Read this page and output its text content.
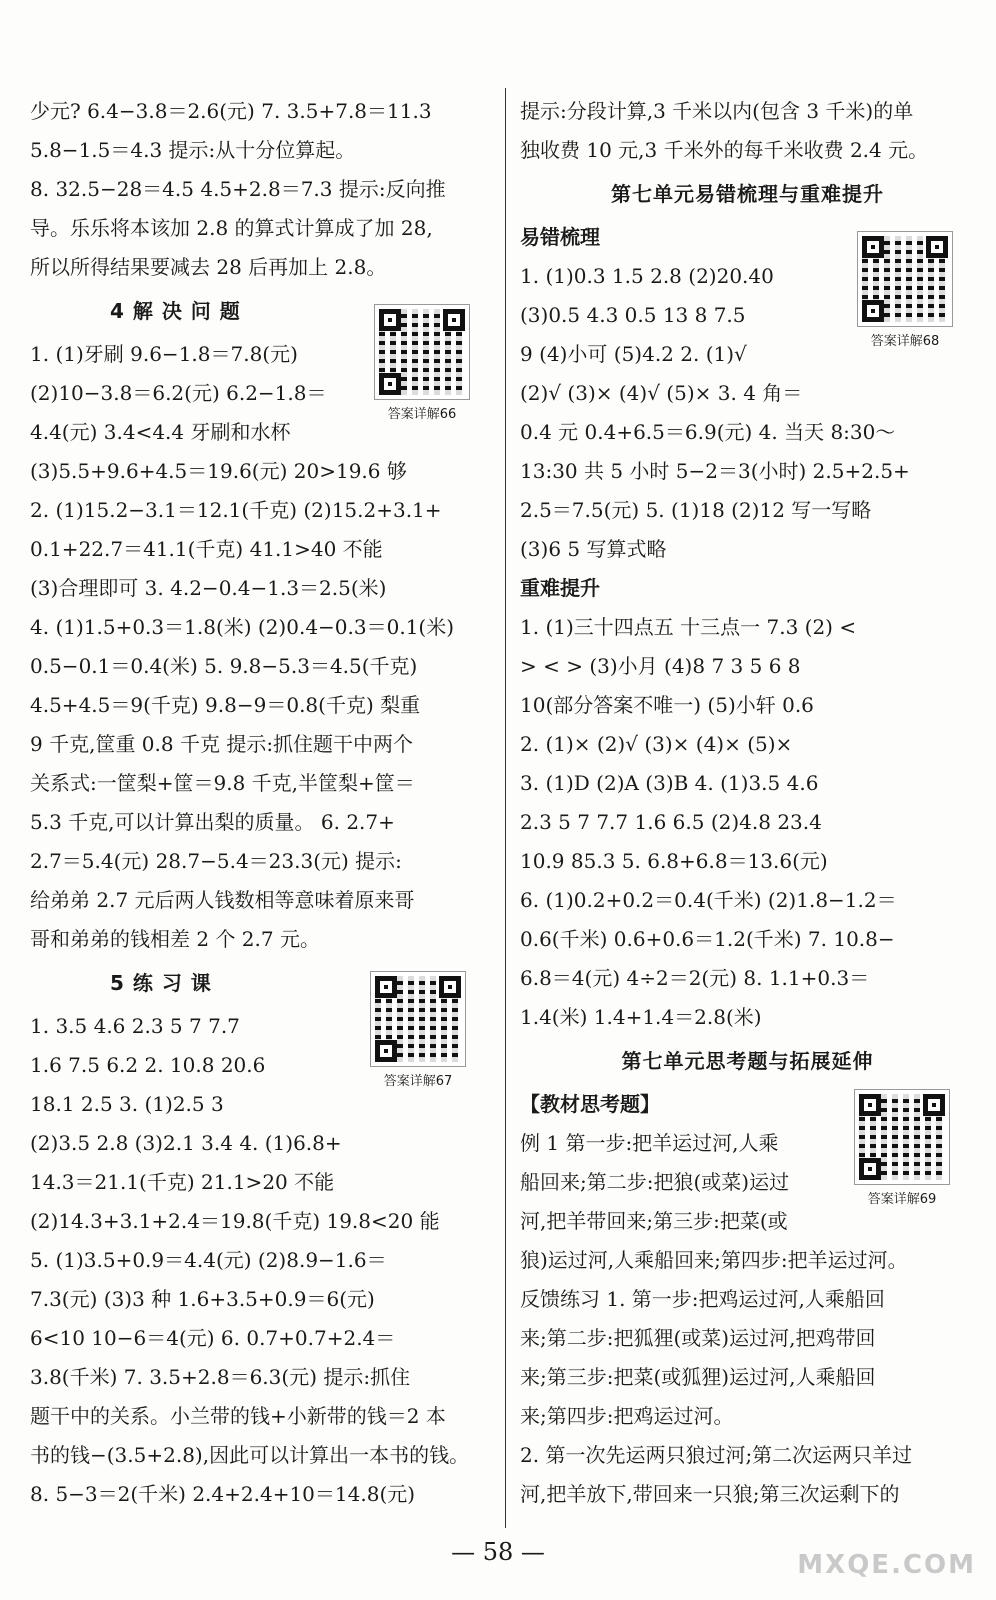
少元? 6.4−3.8＝2.6(元) 7. 3.5+7.8＝11.3
5.8−1.5＝4.3 提示:从十分位算起。
8. 32.5−28＝4.5 4.5+2.8＝7.3 提示:反向推
导。乐乐将本该加 2.8 的算式计算成了加 28,
所以所得结果要减去 28 后再加上 2.8。
4 解 决 问 题
1. (1)牙刷 9.6−1.8＝7.8(元)
(2)10−3.8＝6.2(元) 6.2−1.8＝
4.4(元) 3.4<4.4 牙刷和水杯
(3)5.5+9.6+4.5＝19.6(元) 20>19.6 够
2. (1)15.2−3.1＝12.1(千克) (2)15.2+3.1+
0.1+22.7＝41.1(千克) 41.1>40 不能
(3)合理即可 3. 4.2−0.4−1.3＝2.5(米)
4. (1)1.5+0.3＝1.8(米) (2)0.4−0.3＝0.1(米)
0.5−0.1＝0.4(米) 5. 9.8−5.3＝4.5(千克)
4.5+4.5＝9(千克) 9.8−9＝0.8(千克) 梨重
9 千克,筐重 0.8 千克 提示:抓住题干中两个
关系式:一筐梨+筐＝9.8 千克,半筐梨+筐＝
5.3 千克,可以计算出梨的质量。 6. 2.7+
2.7＝5.4(元) 28.7−5.4＝23.3(元) 提示:
给弟弟 2.7 元后两人钱数相等意味着原来哥
哥和弟弟的钱相差 2 个 2.7 元。
5 练 习 课
1. 3.5 4.6 2.3 5 7 7.7
1.6 7.5 6.2 2. 10.8 20.6
18.1 2.5 3. (1)2.5 3
(2)3.5 2.8 (3)2.1 3.4 4. (1)6.8+
14.3＝21.1(千克) 21.1>20 不能
(2)14.3+3.1+2.4＝19.8(千克) 19.8<20 能
5. (1)3.5+0.9＝4.4(元) (2)8.9−1.6＝
7.3(元) (3)3 种 1.6+3.5+0.9＝6(元)
6<10 10−6＝4(元) 6. 0.7+0.7+2.4＝
3.8(千米) 7. 3.5+2.8＝6.3(元) 提示:抓住
题干中的关系。小兰带的钱+小新带的钱＝2 本
书的钱−(3.5+2.8),因此可以计算出一本书的钱。
8. 5−3＝2(千米) 2.4+2.4+10＝14.8(元)
答案详解66
答案详解67
提示:分段计算,3 千米以内(包含 3 千米)的单
独收费 10 元,3 千米外的每千米收费 2.4 元。
第七单元易错梳理与重难提升
易错梳理
1. (1)0.3 1.5 2.8 (2)20.40
(3)0.5 4.3 0.5 13 8 7.5
9 (4)小可 (5)4.2 2. (1)√
(2)√ (3)× (4)√ (5)× 3. 4 角＝
0.4 元 0.4+6.5＝6.9(元) 4. 当天 8:30～
13:30 共 5 小时 5−2＝3(小时) 2.5+2.5+
2.5＝7.5(元) 5. (1)18 (2)12 写一写略
(3)6 5 写算式略
重难提升
1. (1)三十四点五 十三点一 7.3 (2) <
> < > (3)小月 (4)8 7 3 5 6 8
10(部分答案不唯一) (5)小轩 0.6
2. (1)× (2)√ (3)× (4)× (5)×
3. (1)D (2)A (3)B 4. (1)3.5 4.6
2.3 5 7 7.7 1.6 6.5 (2)4.8 23.4
10.9 85.3 5. 6.8+6.8＝13.6(元)
6. (1)0.2+0.2＝0.4(千米) (2)1.8−1.2＝
0.6(千米) 0.6+0.6＝1.2(千米) 7. 10.8−
6.8＝4(元) 4÷2＝2(元) 8. 1.1+0.3＝
1.4(米) 1.4+1.4＝2.8(米)
第七单元思考题与拓展延伸
【教材思考题】
例 1 第一步:把羊运过河,人乘
船回来;第二步:把狼(或菜)运过
河,把羊带回来;第三步:把菜(或
狼)运过河,人乘船回来;第四步:把羊运过河。
反馈练习 1. 第一步:把鸡运过河,人乘船回
来;第二步:把狐狸(或菜)运过河,把鸡带回
来;第三步:把菜(或狐狸)运过河,人乘船回
来;第四步:把鸡运过河。
2. 第一次先运两只狼过河;第二次运两只羊过
河,把羊放下,带回来一只狼;第三次运剩下的
答案详解68
答案详解69
— 58 —	MXQE.COM
